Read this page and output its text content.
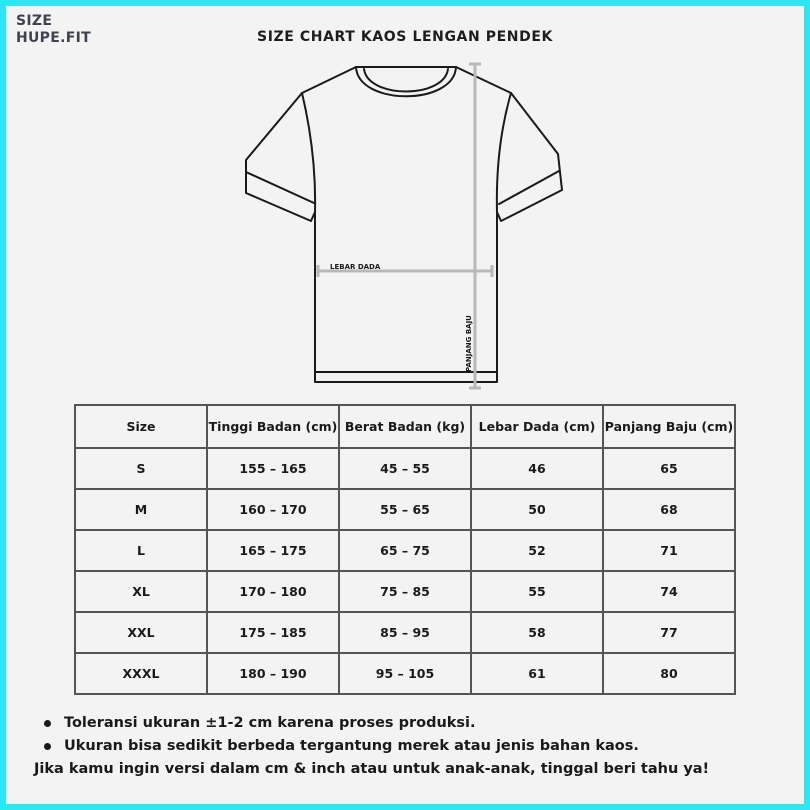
SIZE
HUPE.FIT	SIZE CHART KAOS LENGAN PENDEK
LEBAR DADA
PANJANG BAJU
Size	Tinggi Badan (cm)	Berat Badan (kg)	Lebar Dada (cm)	Panjang Baju (cm)
S	155 – 165	45 – 55	46	65
M	160 – 170	55 – 65	50	68
L	165 – 175	65 – 75	52	71
XL	170 – 180	75 – 85	55	74
XXL	175 – 185	85 – 95	58	77
XXXL	180 – 190	95 – 105	61	80
Toleransi ukuran ±1-2 cm karena proses produksi.
Ukuran bisa sedikit berbeda tergantung merek atau jenis bahan kaos.
Jika kamu ingin versi dalam cm & inch atau untuk anak-anak, tinggal beri tahu ya!
